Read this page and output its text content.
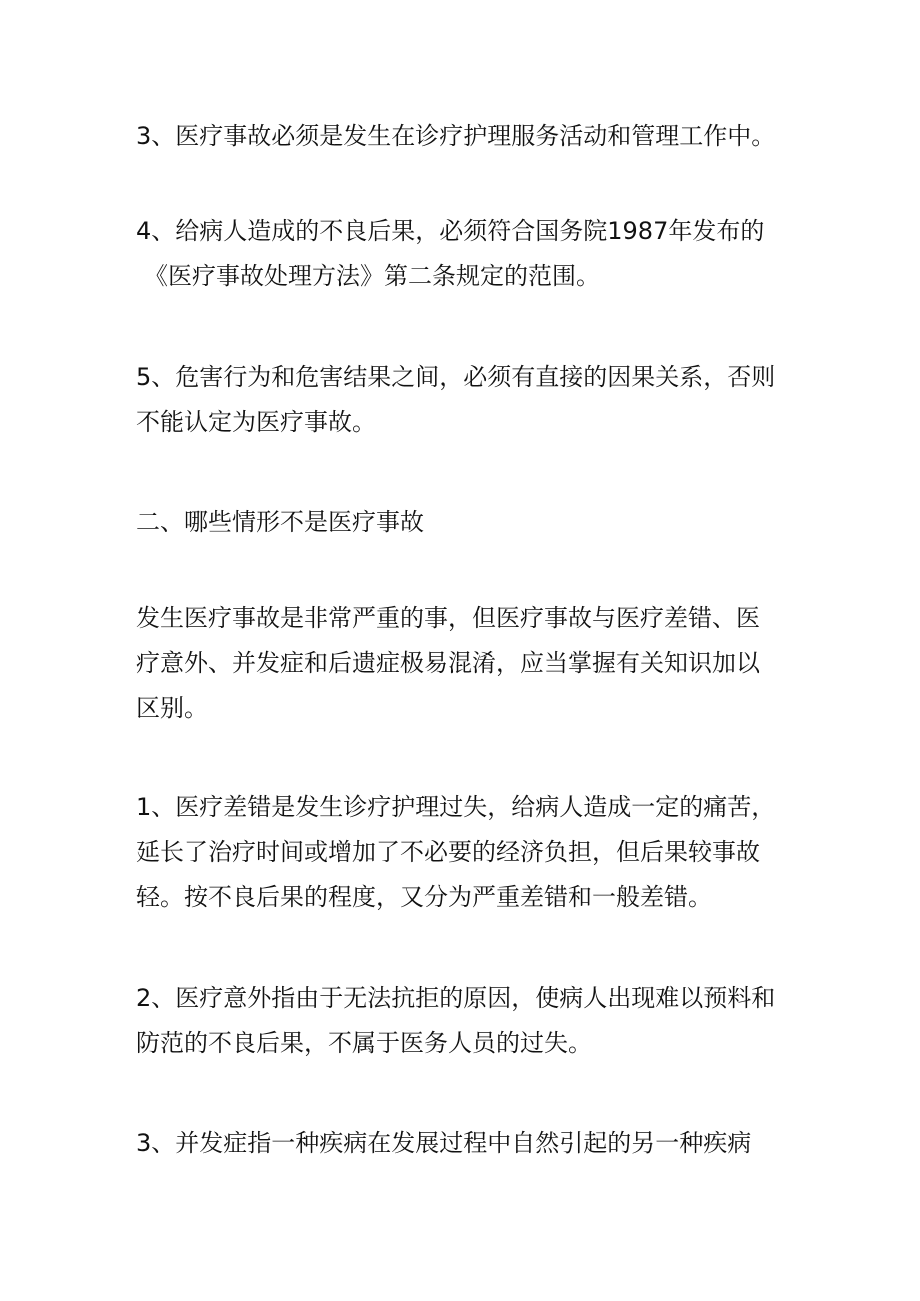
3、医疗事故必须是发生在诊疗护理服务活动和管理工作中。

4、给病人造成的不良后果，必须符合国务院1987年发布的
《医疗事故处理方法》第二条规定的范围。

5、危害行为和危害结果之间，必须有直接的因果关系，否则
不能认定为医疗事故。

二、哪些情形不是医疗事故

发生医疗事故是非常严重的事，但医疗事故与医疗差错、医
疗意外、并发症和后遗症极易混淆，应当掌握有关知识加以
区别。

1、医疗差错是发生诊疗护理过失，给病人造成一定的痛苦，
延长了治疗时间或增加了不必要的经济负担，但后果较事故
轻。按不良后果的程度，又分为严重差错和一般差错。

2、医疗意外指由于无法抗拒的原因，使病人出现难以预料和
防范的不良后果，不属于医务人员的过失。

3、并发症指一种疾病在发展过程中自然引起的另一种疾病
